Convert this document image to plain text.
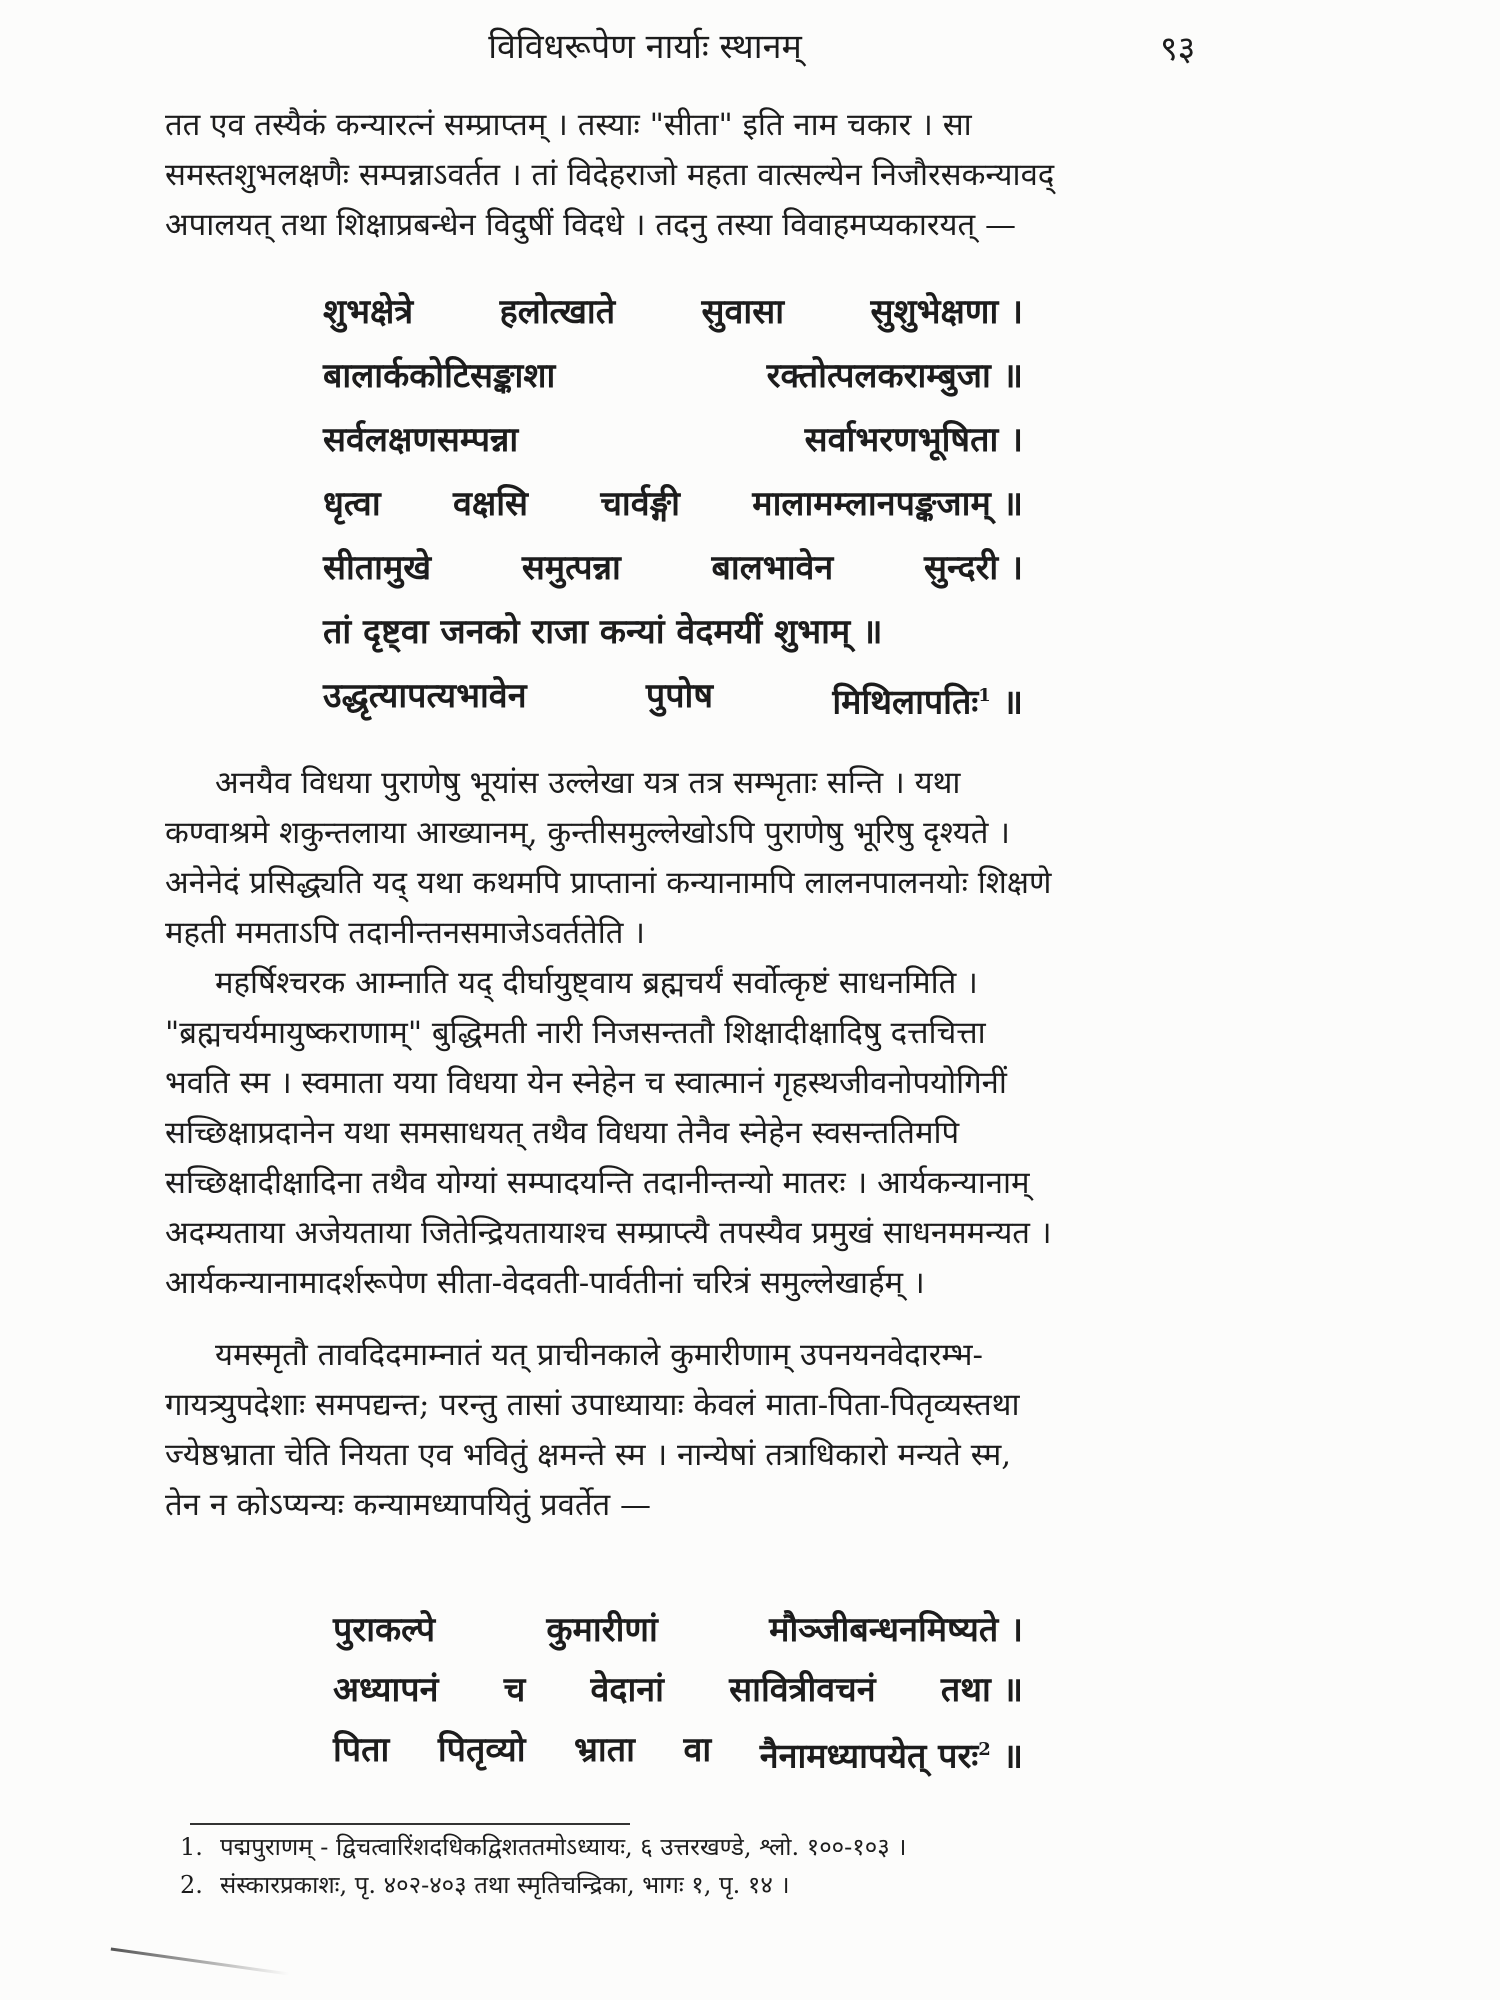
विविधरूपेण नार्याः स्थानम्	९३

तत एव तस्यैकं कन्यारत्नं सम्प्राप्तम् । तस्याः "सीता" इति नाम चकार । सा
समस्तशुभलक्षणैः सम्पन्नाऽवर्तत । तां विदेहराजो महता वात्सल्येन निजौरसकन्यावद्
अपालयत् तथा शिक्षाप्रबन्धेन विदुषीं विदधे । तदनु तस्या विवाहमप्यकारयत् —

शुभक्षेत्रे	हलोत्खाते	सुवासा	सुशुभेक्षणा ।
बालार्ककोटिसङ्काशा	रक्तोत्पलकराम्बुजा ॥
सर्वलक्षणसम्पन्ना	सर्वाभरणभूषिता ।
धृत्वा वक्षसि चार्वङ्गी मालामम्लानपङ्कजाम् ॥
सीतामुखे	समुत्पन्ना	बालभावेन	सुन्दरी ।
तां दृष्ट्वा जनको राजा कन्यां वेदमयीं शुभाम् ॥
उद्धृत्यापत्यभावेन	पुपोष	मिथिलापतिः$^1$ ॥

अनयैव विधया पुराणेषु भूयांस उल्लेखा यत्र तत्र सम्भृताः सन्ति । यथा
कण्वाश्रमे शकुन्तलाया आख्यानम्, कुन्तीसमुल्लेखोऽपि पुराणेषु भूरिषु दृश्यते ।
अनेनेदं प्रसिद्ध्यति यद् यथा कथमपि प्राप्तानां कन्यानामपि लालनपालनयोः शिक्षणे
महती ममताऽपि तदानीन्तनसमाजेऽवर्ततेति ।

महर्षिश्चरक आम्नाति यद् दीर्घायुष्ट्वाय ब्रह्मचर्यं सर्वोत्कृष्टं साधनमिति ।
"ब्रह्मचर्यमायुष्कराणाम्" बुद्धिमती नारी निजसन्ततौ शिक्षादीक्षादिषु दत्तचित्ता
भवति स्म । स्वमाता यया विधया येन स्नेहेन च स्वात्मानं गृहस्थजीवनोपयोगिनीं
सच्छिक्षाप्रदानेन यथा समसाधयत् तथैव विधया तेनैव स्नेहेन स्वसन्ततिमपि
सच्छिक्षादीक्षादिना तथैव योग्यां सम्पादयन्ति तदानीन्तन्यो मातरः । आर्यकन्यानाम्
अदम्यताया अजेयताया जितेन्द्रियतायाश्च सम्प्राप्त्यै तपस्यैव प्रमुखं साधनममन्यत ।
आर्यकन्यानामादर्शरूपेण सीता-वेदवती-पार्वतीनां चरित्रं समुल्लेखार्हम् ।

यमस्मृतौ तावदिदमाम्नातं यत् प्राचीनकाले कुमारीणाम् उपनयनवेदारम्भ-
गायत्र्युपदेशाः समपद्यन्त; परन्तु तासां उपाध्यायाः केवलं माता-पिता-पितृव्यस्तथा
ज्येष्ठभ्राता चेति नियता एव भवितुं क्षमन्ते स्म । नान्येषां तत्राधिकारो मन्यते स्म,
तेन न कोऽप्यन्यः कन्यामध्यापयितुं प्रवर्तेत —

पुराकल्पे	कुमारीणां	मौञ्जीबन्धनमिष्यते ।
अध्यापनं च वेदानां सावित्रीवचनं तथा ॥
पिता पितृव्यो भ्राता वा नैनामध्यापयेत् परः$^2$ ॥
1. पद्मपुराणम् - द्विचत्वारिंशदधिकद्विशततमोऽध्यायः, ६ उत्तरखण्डे, श्लो. १००-१०३ ।
2. संस्कारप्रकाशः, पृ. ४०२-४०३ तथा स्मृतिचन्द्रिका, भागः १, पृ. १४ ।
